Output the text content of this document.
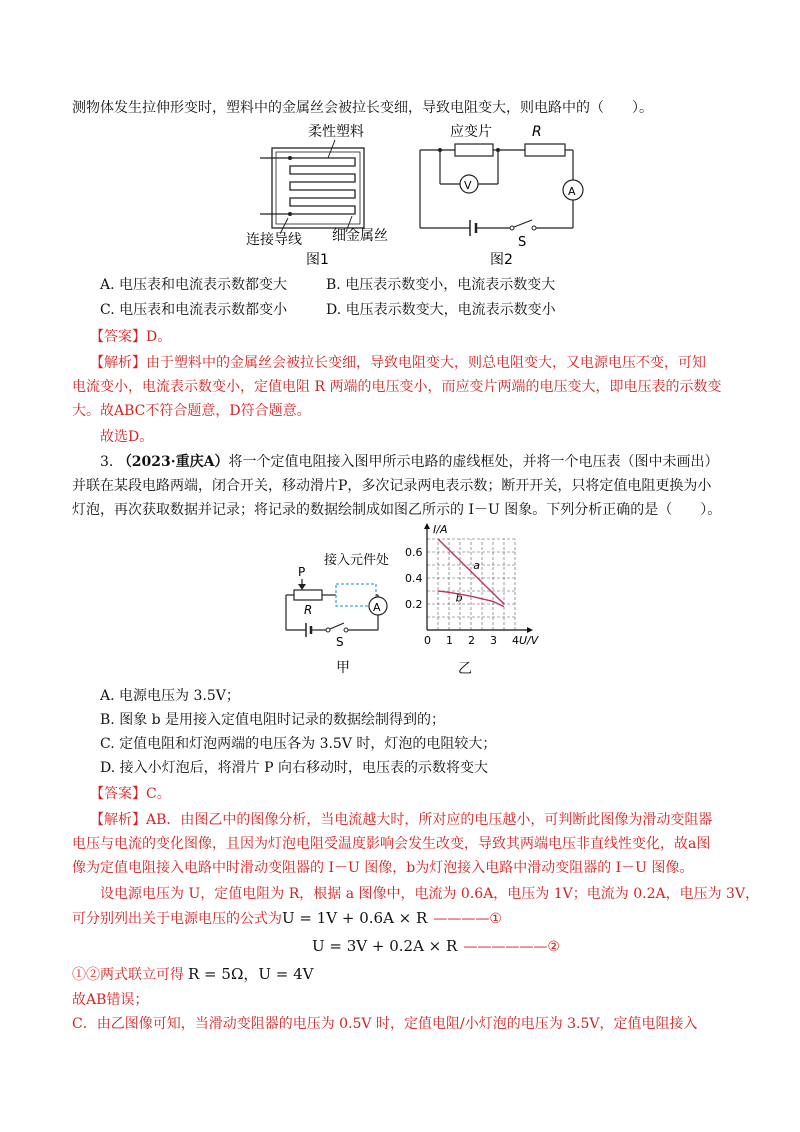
测物体发生拉伸形变时，塑料中的金属丝会被拉长变细，导致电阻变大，则电路中的（　　）。
柔性塑料
连接导线 细金属丝
图1
应变片	R
V	A
S
图2
A. 电压表和电流表示数都变大	B. 电压表示数变小，电流表示数变大
C. 电压表和电流表示数都变小	D. 电压表示数变大，电流表示数变小
【答案】D。
【解析】由于塑料中的金属丝会被拉长变细，导致电阻变大，则总电阻变大，又电源电压不变，可知
电流变小，电流表示数变小，定值电阻 R 两端的电压变小，而应变片两端的电压变大，即电压表的示数变
大。故ABC不符合题意，D符合题意。
故选D。
3. （2023·重庆A）将一个定值电阻接入图甲所示电路的虚线框处，并将一个电压表（图中未画出）
并联在某段电路两端，闭合开关，移动滑片P，多次记录两电表示数；断开开关，只将定值电阻更换为小
灯泡，再次获取数据并记录；将记录的数据绘制成如图乙所示的 I－U 图象。下列分析正确的是（　　）。
接入元件处
P
R	A
S
甲
0 1 2 3 4
0.2
0.4
0.6
I/A
U/V
a
b
乙
A. 电源电压为 3.5V；
B. 图象 b 是用接入定值电阻时记录的数据绘制得到的；
C. 定值电阻和灯泡两端的电压各为 3.5V 时，灯泡的电阻较大；
D. 接入小灯泡后，将滑片 P 向右移动时，电压表的示数将变大
【答案】C。
【解析】AB．由图乙中的图像分析，当电流越大时，所对应的电压越小，可判断此图像为滑动变阻器
电压与电流的变化图像，且因为灯泡电阻受温度影响会发生改变，导致其两端电压非直线性变化，故a图
像为定值电阻接入电路中时滑动变阻器的 I－U 图像，b为灯泡接入电路中滑动变阻器的 I－U 图像。
设电源电压为 U，定值电阻为 R，根据 a 图像中，电流为 0.6A，电压为 1V；电流为 0.2A，电压为 3V，
可分别列出关于电源电压的公式为U = 1V + 0.6A × R ————①
U = 3V + 0.2A × R ——————②
①②两式联立可得 R = 5Ω，U = 4V
故AB错误；
C．由乙图像可知，当滑动变阻器的电压为 0.5V 时，定值电阻/小灯泡的电压为 3.5V，定值电阻接入
